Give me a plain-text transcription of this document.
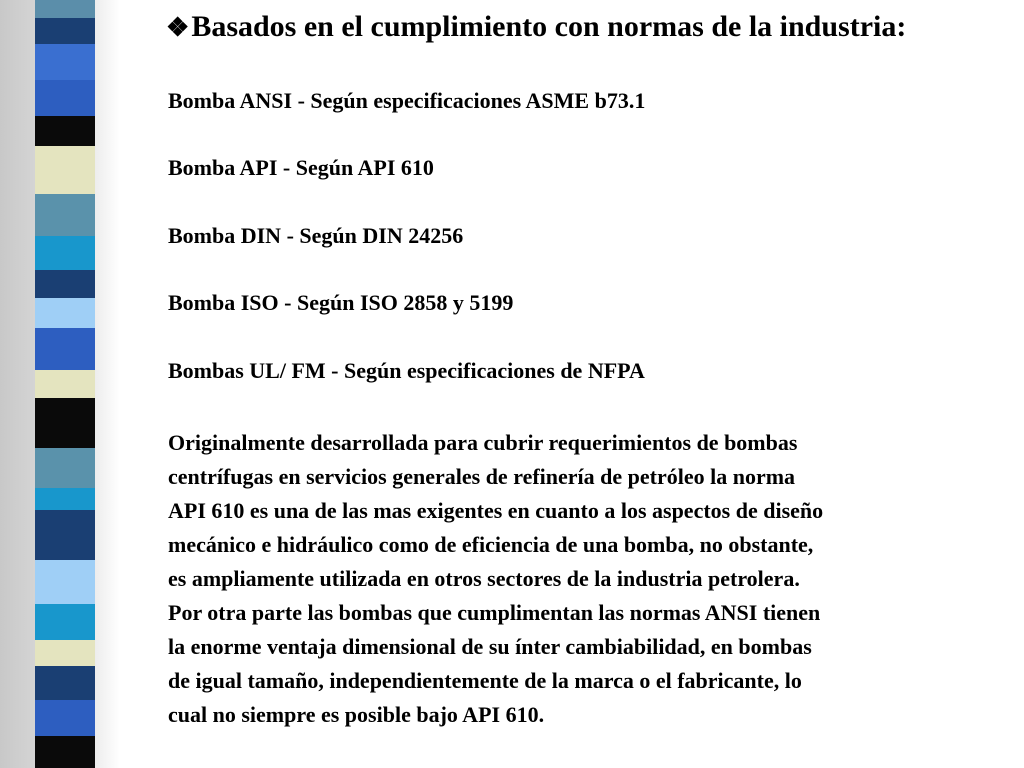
❖Basados en el cumplimiento con normas de la industria:
Bomba ANSI - Según especificaciones ASME b73.1
Bomba API - Según API 610
Bomba DIN - Según DIN 24256
Bomba ISO - Según ISO 2858 y 5199
Bombas UL/ FM - Según especificaciones de NFPA
Originalmente desarrollada para cubrir requerimientos de bombas
centrífugas en servicios generales de refinería de petróleo la norma
API 610 es una de las mas exigentes en cuanto a los aspectos de diseño
mecánico e hidráulico como de eficiencia de una bomba, no obstante,
es ampliamente utilizada en otros sectores de la industria petrolera.
Por otra parte las bombas que cumplimentan las normas ANSI tienen
la enorme ventaja dimensional de su ínter cambiabilidad, en bombas
de igual tamaño, independientemente de la marca o el fabricante, lo
cual no siempre es posible bajo API 610.
